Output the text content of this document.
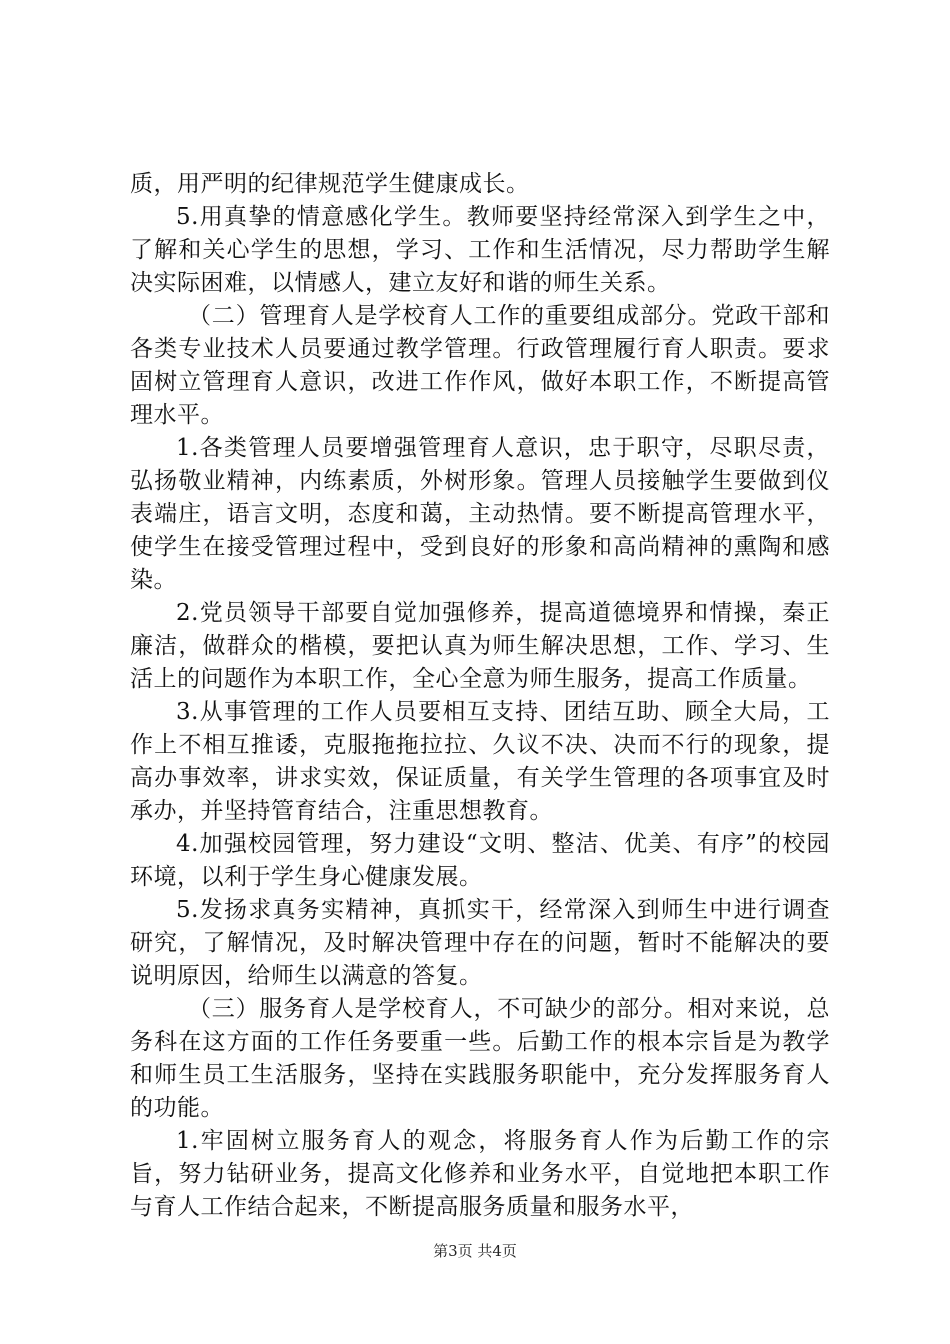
质，用严明的纪律规范学生健康成长。

5.用真挚的情意感化学生。教师要坚持经常深入到学生之中，了解和关心学生的思想，学习、工作和生活情况，尽力帮助学生解决实际困难，以情感人，建立友好和谐的师生关系。

（二）管理育人是学校育人工作的重要组成部分。党政干部和各类专业技术人员要通过教学管理。行政管理履行育人职责。要求固树立管理育人意识，改进工作作风，做好本职工作，不断提高管理水平。

1.各类管理人员要增强管理育人意识，忠于职守，尽职尽责，弘扬敬业精神，内练素质，外树形象。管理人员接触学生要做到仪表端庄，语言文明，态度和蔼，主动热情。要不断提高管理水平，使学生在接受管理过程中，受到良好的形象和高尚精神的熏陶和感染。

2.党员领导干部要自觉加强修养，提高道德境界和情操，秦正廉洁，做群众的楷模，要把认真为师生解决思想，工作、学习、生活上的问题作为本职工作，全心全意为师生服务，提高工作质量。

3.从事管理的工作人员要相互支持、团结互助、顾全大局，工作上不相互推诿，克服拖拖拉拉、久议不决、决而不行的现象，提高办事效率，讲求实效，保证质量，有关学生管理的各项事宜及时承办，并坚持管育结合，注重思想教育。

4.加强校园管理，努力建设“文明、整洁、优美、有序”的校园环境，以利于学生身心健康发展。

5.发扬求真务实精神，真抓实干，经常深入到师生中进行调查研究，了解情况，及时解决管理中存在的问题，暂时不能解决的要说明原因，给师生以满意的答复。

（三）服务育人是学校育人，不可缺少的部分。相对来说，总务科在这方面的工作任务要重一些。后勤工作的根本宗旨是为教学和师生员工生活服务，坚持在实践服务职能中，充分发挥服务育人的功能。

1.牢固树立服务育人的观念，将服务育人作为后勤工作的宗旨，努力钻研业务，提高文化修养和业务水平，自觉地把本职工作与育人工作结合起来，不断提高服务质量和服务水平，

第3页 共4页
